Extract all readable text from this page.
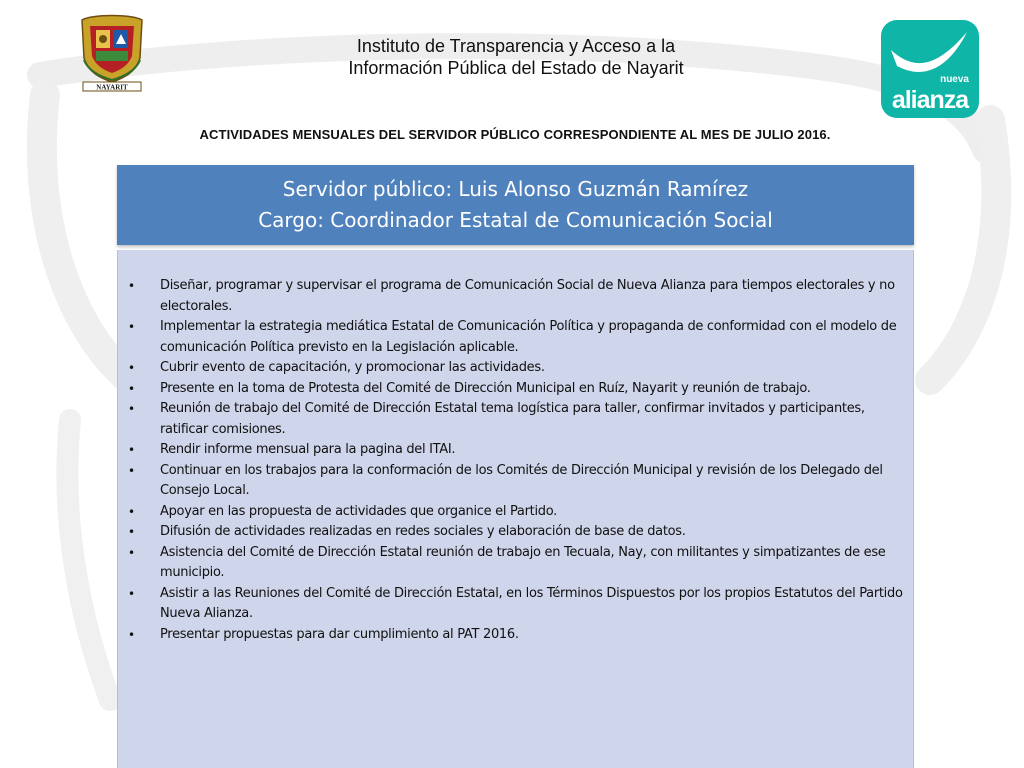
NAYARIT
Instituto de Transparencia y Acceso a la
Información Pública del Estado de Nayarit
nueva
alianza
ACTIVIDADES MENSUALES DEL SERVIDOR PÚBLICO CORRESPONDIENTE AL MES DE JULIO 2016.
Servidor público: Luis Alonso Guzmán Ramírez
Cargo: Coordinador Estatal de Comunicación Social
• Diseñar, programar y supervisar el programa de Comunicación Social de Nueva Alianza para tiempos electorales y no electorales.
• Implementar la estrategia mediática Estatal de Comunicación Política y propaganda de conformidad con el modelo de comunicación Política previsto en la Legislación aplicable.
• Cubrir evento de capacitación, y promocionar las actividades.
• Presente en la toma de Protesta del Comité de Dirección Municipal en Ruíz, Nayarit y reunión de trabajo.
• Reunión de trabajo del Comité de Dirección Estatal tema logística para taller, confirmar invitados y participantes, ratificar comisiones.
• Rendir informe mensual para la pagina del ITAI.
• Continuar en los trabajos para la conformación de los Comités de Dirección Municipal y revisión de los Delegado del Consejo Local.
• Apoyar en las propuesta de actividades que organice el Partido.
• Difusión de actividades realizadas en redes sociales y elaboración de base de datos.
• Asistencia del Comité de Dirección Estatal reunión de trabajo en Tecuala, Nay, con militantes y simpatizantes de ese municipio.
• Asistir a las Reuniones del Comité de Dirección Estatal, en los Términos Dispuestos por los propios Estatutos del Partido Nueva Alianza.
• Presentar propuestas para dar cumplimiento al PAT 2016.
